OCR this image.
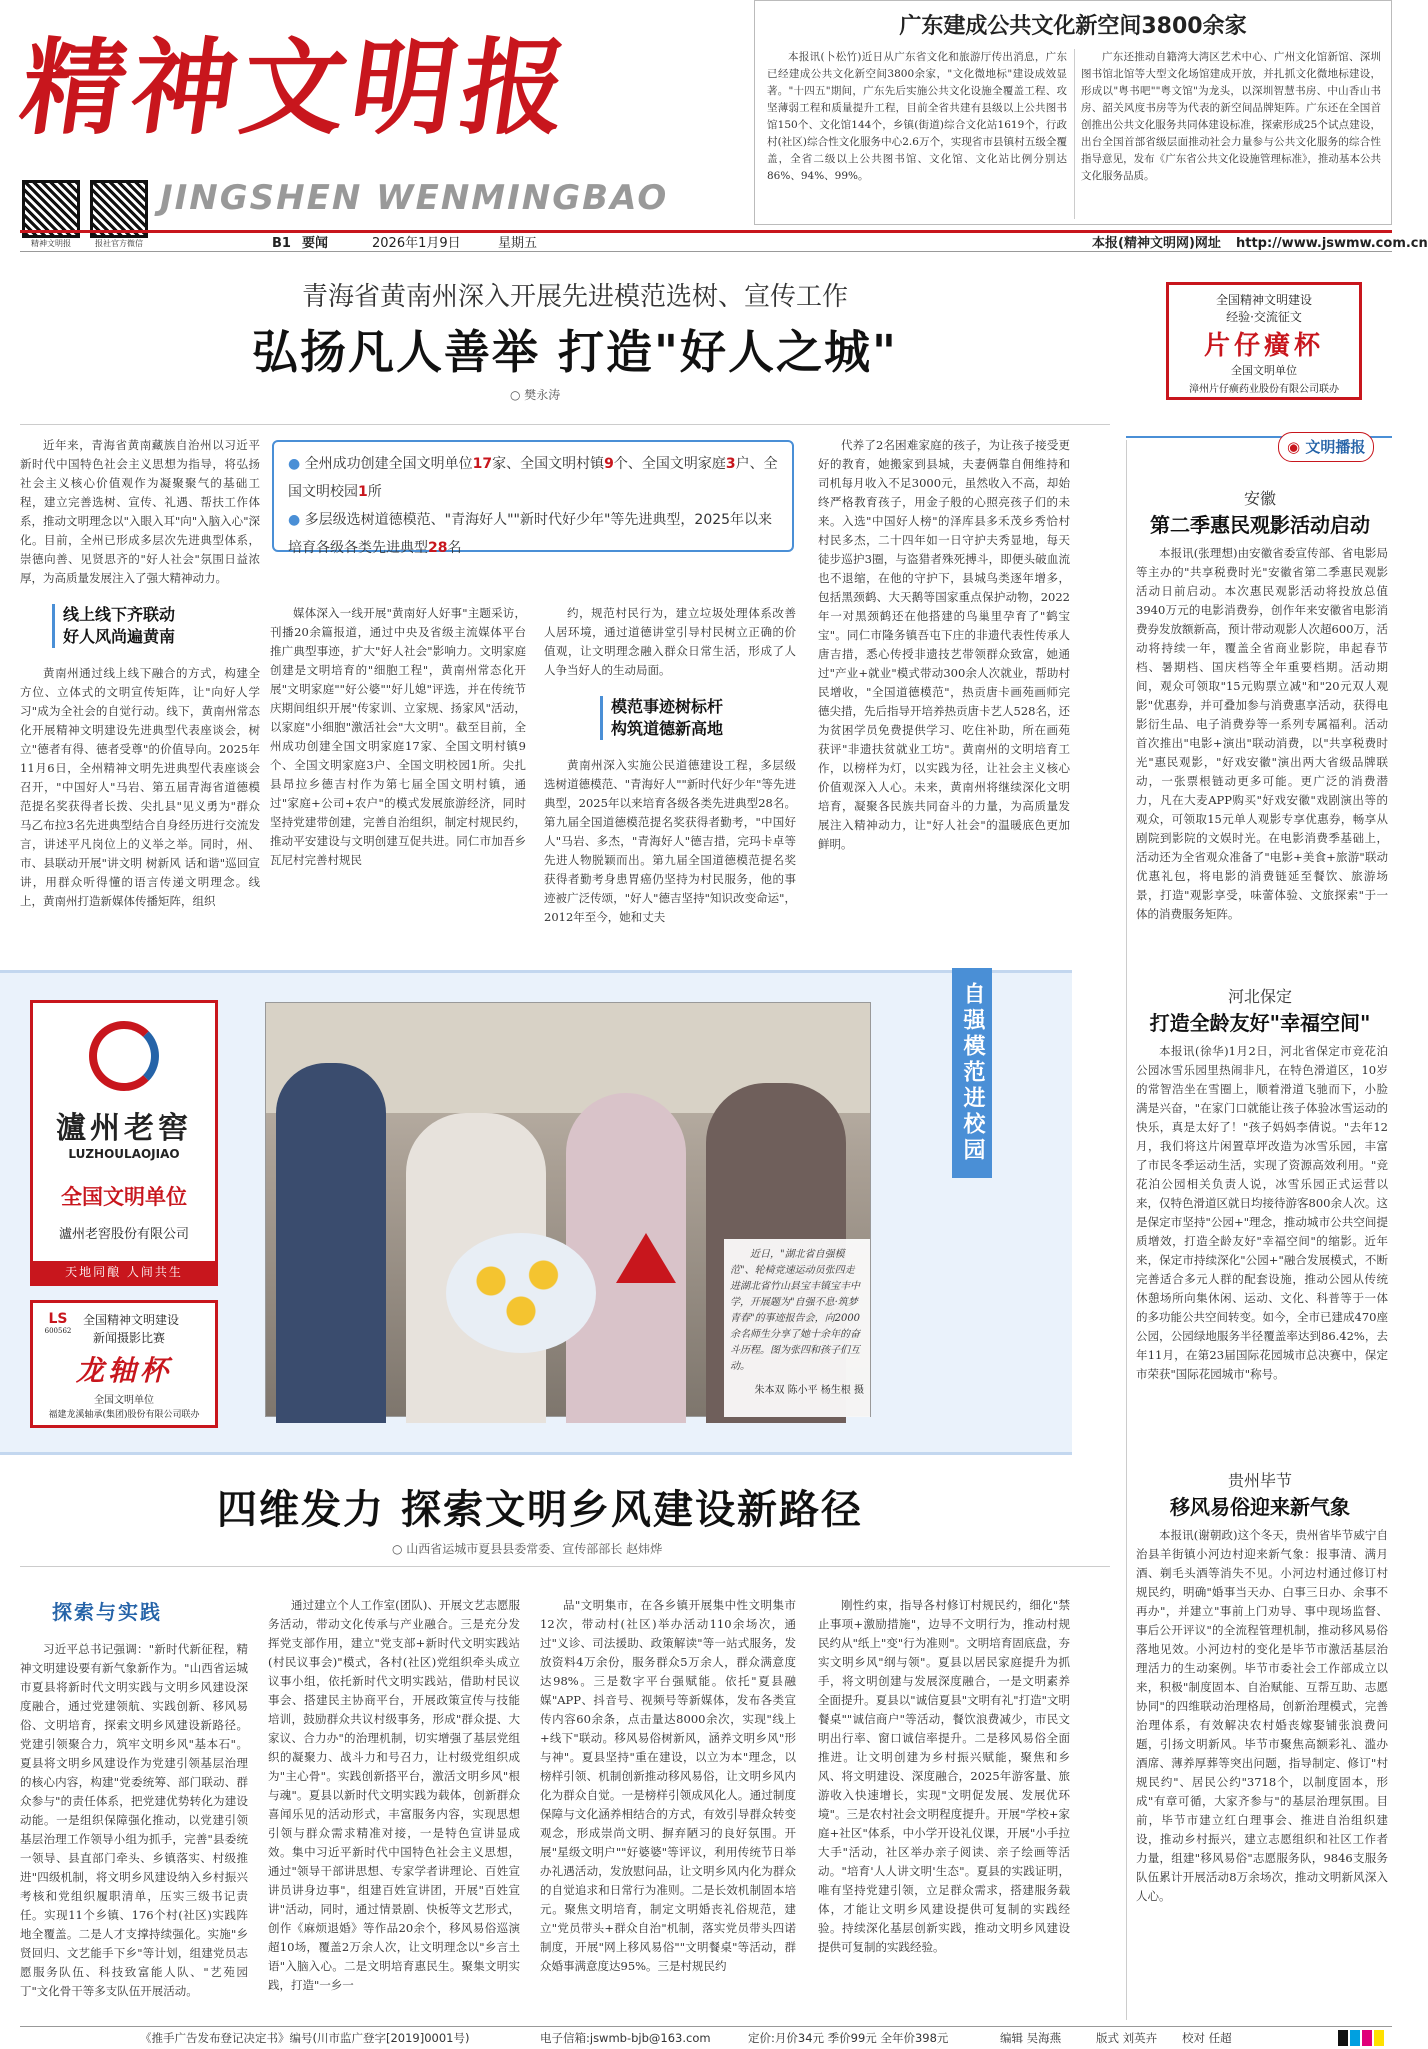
精神文明报
精神文明报	报社官方微信
JINGSHEN WENMINGBAO
广东建成公共文化新空间3800余家
本报讯(卜松竹)近日从广东省文化和旅游厅传出消息，广东已经建成公共文化新空间3800余家，"文化微地标"建设成效显著。"十四五"期间，广东先后实施公共文化设施全覆盖工程、攻坚薄弱工程和质量提升工程，目前全省共建有县级以上公共图书馆150个、文化馆144个，乡镇(街道)综合文化站1619个，行政村(社区)综合性文化服务中心2.6万个，实现省市县镇村五级全覆盖，全省二级以上公共图书馆、文化馆、文化站比例分别达86%、94%、99%。
广东还推动自籍湾大湾区艺术中心、广州文化馆新馆、深圳图书馆北馆等大型文化场馆建成开放，并扎抓文化微地标建设，形成以"粤书吧""粤文馆"为龙头，以深圳智慧书房、中山香山书房、韶关风度书房等为代表的新空间品牌矩阵。广东还在全国首创推出公共文化服务共同体建设标准，探索形成25个试点建设，出台全国首部省级层面推动社会力量参与公共文化服务的综合性指导意见，发布《广东省公共文化设施管理标准》，推动基本公共文化服务品质。
B1 要闻	2026年1月9日	星期五	本报(精神文明网)网址 http://www.jswmw.com.cn
青海省黄南州深入开展先进模范选树、宣传工作
弘扬凡人善举 打造"好人之城"
○ 樊永涛
近年来，青海省黄南藏族自治州以习近平新时代中国特色社会主义思想为指导，将弘扬社会主义核心价值观作为凝聚聚气的基础工程，建立完善选树、宣传、礼遇、帮扶工作体系，推动文明理念以"入眼入耳"向"入脑入心"深化。目前，全州已形成多层次先进典型体系，崇德向善、见贤思齐的"好人社会"氛围日益浓厚，为高质量发展注入了强大精神动力。
● 全州成功创建全国文明单位17家、全国文明村镇9个、全国文明家庭3户、全国文明校园1所
● 多层级选树道德模范、"青海好人""新时代好少年"等先进典型，2025年以来培育各级各类先进典型28名
代养了2名困难家庭的孩子，为让孩子接受更好的教育，她搬家到县城，夫妻俩靠自佣维持和司机每月收入不足3000元，虽然收入不高，却始终严格教育孩子，用金子般的心照亮孩子们的未来。入选"中国好人榜"的泽库县多禾茂乡秀恰村村民多杰，二十四年如一日守护夫秀显地，每天徒步巡护3圈，与盗猎者殊死搏斗，即便头破血流也不退缩，在他的守护下，县城鸟类逐年增多，包括黑颈鹤、大天鹅等国家重点保护动物，2022年一对黑颈鹤还在他搭建的鸟巢里孕育了"鹤宝宝"。同仁市隆务镇吾屯下庄的非遗代表性传承人唐吉措，悉心传授非遗技艺带领群众致富，她通过"产业+就业"模式带动300余人次就业，帮助村民增收，"全国道德模范"，热贡唐卡画苑画师完德尖措，先后指导开培养热贡唐卡艺人528名，还为贫困学员免费提供学习、吃住补助，所在画苑获评"非遗扶贫就业工坊"。黄南州的文明培育工作，以榜样为灯，以实践为径，让社会主义核心价值观深入人心。未来，黄南州将继续深化文明培育，凝聚各民族共同奋斗的力量，为高质量发展注入精神动力，让"好人社会"的温暖底色更加鲜明。
线上线下齐联动
好人风尚遍黄南
黄南州通过线上线下融合的方式，构建全方位、立体式的文明宣传矩阵，让"向好人学习"成为全社会的自觉行动。线下，黄南州常态化开展精神文明建设先进典型代表座谈会，树立"德者有得、德者受尊"的价值导向。2025年11月6日，全州精神文明先进典型代表座谈会召开，"中国好人"马岩、第五届青海省道德模范提名奖获得者长拨、尖扎县"见义勇为"群众马乙布拉3名先进典型结合自身经历进行交流发言，讲述平凡岗位上的义举之举。同时，州、市、县联动开展"讲文明 树新风 话和谐"巡回宣讲，用群众听得懂的语言传递文明理念。线上，黄南州打造新媒体传播矩阵，组织
媒体深入一线开展"黄南好人好事"主题采访，刊播20余篇报道，通过中央及省级主流媒体平台推广典型事迹，扩大"好人社会"影响力。文明家庭创建是文明培育的"细胞工程"，黄南州常态化开展"文明家庭""好公婆""好儿媳"评选，并在传统节庆期间组织开展"传家训、立家规、扬家风"活动，以家庭"小细胞"激活社会"大文明"。截至目前，全州成功创建全国文明家庭17家、全国文明村镇9个、全国文明家庭3户、全国文明校园1所。尖扎县昂拉乡德吉村作为第七届全国文明村镇，通过"家庭+公司+农户"的模式发展旅游经济，同时坚持党建带创建，完善自治组织，制定村规民约，推动平安建设与文明创建互促共进。同仁市加吾乡瓦尼村完善村规民
约，规范村民行为，建立垃圾处理体系改善人居环境，通过道德讲堂引导村民树立正确的价值观，让文明理念融入群众日常生活，形成了人人争当好人的生动局面。
模范事迹树标杆
构筑道德新高地
黄南州深入实施公民道德建设工程，多层级选树道德模范、"青海好人""新时代好少年"等先进典型，2025年以来培育各级各类先进典型28名。第九届全国道德模范提名奖获得者勤考，"中国好人"马岩、多杰，"青海好人"德吉措，完玛卡卓等先进人物脱颖而出。第九届全国道德模范提名奖获得者勤考身患胃癌仍坚持为村民服务，他的事迹被广泛传颂，"好人"德吉坚持"知识改变命运"，2012年至今，她和丈夫
瀘州老窖
LUZHOULAOJIAO
全国文明单位
瀘州老窖股份有限公司
天地同酿 人间共生
LS
600562
全国精神文明建设
新闻摄影比赛
龙轴杯
全国文明单位
福建龙溪轴承(集团)股份有限公司联办
近日，"湖北省自强模范"、轮椅竞速运动员张四走进湖北省竹山县宝丰镇宝丰中学，开展题为"自强不息·筑梦青春"的事迹报告会，向2000余名师生分享了她十余年的奋斗历程。图为张四和孩子们互动。
朱本双 陈小平 杨生根 摄
自强模范进校园
四维发力 探索文明乡风建设新路径
○ 山西省运城市夏县县委常委、宣传部部长 赵炜烨
探索与实践
习近平总书记强调："新时代新征程，精神文明建设要有新气象新作为。"山西省运城市夏县将新时代文明实践与文明乡风建设深度融合，通过党建领航、实践创新、移风易俗、文明培育，探索文明乡风建设新路径。党建引领聚合力，筑牢文明乡风"基本石"。夏县将文明乡风建设作为党建引领基层治理的核心内容，构建"党委统筹、部门联动、群众参与"的责任体系，把党建优势转化为建设动能。一是组织保障强化推动，以党建引领基层治理工作领导小组为抓手，完善"县委统一领导、县直部门牵头、乡镇落实、村级推进"四级机制，将文明乡风建设纳入乡村振兴考核和党组织履职清单，压实三级书记责任。实现11个乡镇、176个村(社区)实践阵地全覆盖。二是人才支撑持续强化。实施"乡贤回归、文艺能手下乡"等计划，组建党员志愿服务队伍、科技致富能人队、"艺苑园丁"文化骨干等多支队伍开展活动。
通过建立个人工作室(团队)、开展文艺志愿服务活动，带动文化传承与产业融合。三是充分发挥党支部作用，建立"党支部+新时代文明实践站(村民议事会)"模式，各村(社区)党组织牵头成立议事小组，依托新时代文明实践站，借助村民议事会、搭建民主协商平台，开展政策宣传与技能培训，鼓励群众共议村级事务，形成"群众提、大家议、合力办"的治理机制，切实增强了基层党组织的凝聚力、战斗力和号召力，让村级党组织成为"主心骨"。实践创新搭平台，激活文明乡风"根与魂"。夏县以新时代文明实践为载体，创新群众喜闻乐见的活动形式，丰富服务内容，实现思想引领与群众需求精准对接，一是特色宣讲显成效。集中习近平新时代中国特色社会主义思想，通过"领导干部讲思想、专家学者讲理论、百姓宣讲员讲身边事"，组建百姓宣讲团，开展"百姓宣讲"活动，同时，通过情景剧、快板等文艺形式，创作《麻烦退婚》等作品20余个，移风易俗巡演超10场，覆盖2万余人次，让文明理念以"乡言土语"入脑入心。二是文明培育惠民生。聚集文明实践，打造"一乡一
品"文明集市，在各乡镇开展集中性文明集市12次，带动村(社区)举办活动110余场次，通过"义诊、司法援助、政策解读"等一站式服务，发放资料4万余份，服务群众5万余人，群众满意度达98%。三是数字平台强赋能。依托"夏县融媒"APP、抖音号、视频号等新媒体，发布各类宣传内容60余条，点击量达8000余次，实现"线上+线下"联动。移风易俗树新风，涵养文明乡风"形与神"。夏县坚持"重在建设，以立为本"理念，以榜样引领、机制创新推动移风易俗，让文明乡风内化为群众自觉。一是榜样引领成风化人。通过制度保障与文化涵养相结合的方式，有效引导群众转变观念，形成崇尚文明、摒弃陋习的良好氛围。开展"星级文明户""好婆婆"等评议，利用传统节日举办礼遇活动，发放慰问品，让文明乡风内化为群众的自觉追求和日常行为准则。二是长效机制固本培元。聚焦文明培育，制定文明婚丧礼俗规范，建立"党员带头+群众自治"机制，落实党员带头四诺制度，开展"网上移风易俗""文明餐桌"等活动，群众婚事满意度达95%。三是村规民约
刚性约束，指导各村修订村规民约，细化"禁止事项+激励措施"，边导不文明行为，推动村规民约从"纸上"变"行为准则"。文明培育固底盘，夯实文明乡风"纲与领"。夏县以居民家庭提升为抓手，将文明创建与发展深度融合，一是文明素养全面提升。夏县以"诚信夏县"文明有礼"打造"文明餐桌""诚信商户"等活动，餐饮浪费减少，市民文明出行率、窗口诚信率提升。二是移风易俗全面推进。让文明创建为乡村振兴赋能，聚焦和乡风、将文明建设、深度融合，2025年游客量、旅游收入快速增长，实现"文明促发展、发展优环境"。三是农村社会文明程度提升。开展"学校+家庭+社区"体系，中小学开设礼仪课，开展"小手拉大手"活动，社区举办亲子阅读、亲子绘画等活动。"培育'人人讲文明'生态"。夏县的实践证明，唯有坚持党建引领，立足群众需求，搭建服务载体，才能让文明乡风建设提供可复制的实践经验。持续深化基层创新实践，推动文明乡风建设提供可复制的实践经验。
全国精神文明建设
经验·交流征文
片仔癀杯
全国文明单位
漳州片仔癀药业股份有限公司联办
◉ 文明播报
安徽
第二季惠民观影活动启动
本报讯(张理想)由安徽省委宣传部、省电影局等主办的"共享税费时光"安徽省第二季惠民观影活动日前启动。本次惠民观影活动将投放总值3940万元的电影消费券，创作年来安徽省电影消费券发放额新高，预计带动观影人次超600万，活动将持续一年，覆盖全省商业影院，串起春节档、暑期档、国庆档等全年重要档期。活动期间，观众可领取"15元购票立减"和"20元双人观影"优惠券，并可叠加参与消费惠享活动，获得电影衍生品、电子消费券等一系列专属福利。活动首次推出"电影+演出"联动消费，以"共享税费时光"惠民观影，"好戏安徽"演出两大省级品牌联动，一张票根链动更多可能。更广泛的消费潜力，凡在大麦APP购买"好戏安徽"戏剧演出等的观众，可领取15元单人观影专享优惠券，畅享从剧院到影院的文娱时光。在电影消费季基础上，活动还为全省观众准备了"电影+美食+旅游"联动优惠礼包，将电影的消费链延至餐饮、旅游场景，打造"观影享受，味蕾体验、文旅探索"于一体的消费服务矩阵。
河北保定
打造全龄友好"幸福空间"
本报讯(徐华)1月2日，河北省保定市竞花泊公园冰雪乐园里热闹非凡，在特色滑道区，10岁的常智浩坐在雪圈上，顺着滑道飞驰而下，小脸满是兴奋，"在家门口就能让孩子体验冰雪运动的快乐，真是太好了！"孩子妈妈李倩说。"去年12月，我们将这片闲置草坪改造为冰雪乐园，丰富了市民冬季运动生活，实现了资源高效利用。"竞花泊公园相关负责人说，冰雪乐园正式运营以来，仅特色滑道区就日均接待游客800余人次。这是保定市坚持"公园+"理念，推动城市公共空间提质增效，打造全龄友好"幸福空间"的缩影。近年来，保定市持续深化"公园+"融合发展模式，不断完善适合多元人群的配套设施，推动公园从传统休憩场所向集休闲、运动、文化、科普等于一体的多功能公共空间转变。如今，全市已建成470座公园，公园绿地服务半径覆盖率达到86.42%，去年11月，在第23届国际花园城市总决赛中，保定市荣获"国际花园城市"称号。
贵州毕节
移风易俗迎来新气象
本报讯(谢朝政)这个冬天，贵州省毕节威宁自治县羊街镇小河边村迎来新气象：报事清、满月酒、剃毛头酒等消失不见。小河边村通过修订村规民约，明确"婚事当天办、白事三日办、余事不再办"，并建立"事前上门劝导、事中现场监督、事后公开评议"的全流程管理机制，推动移风易俗落地见效。小河边村的变化是毕节市激活基层治理活力的生动案例。毕节市委社会工作部成立以来，积极"制度固本、自治赋能、互帮互助、志愿协同"的四维联动治理格局，创新治理模式，完善治理体系，有效解决农村婚丧嫁娶铺张浪费问题，引扬文明新风。毕节市聚焦高额彩礼、滥办酒席、薄养厚葬等突出问题，指导制定、修订"村规民约"、居民公约"3718个，以制度固本，形成"有章可循，大家齐参与"的基层治理氛围。目前，毕节市建立红白理事会、推进自治组织建设，推动乡村振兴，建立志愿组织和社区工作者力量，组建"移风易俗"志愿服务队，9846支服务队伍累计开展活动8万余场次，推动文明新风深入人心。
《推手广告发布登记决定书》编号(川市监广登字[2019]0001号)	电子信箱:jswmb-bjb@163.com	定价:月价34元 季价99元 全年价398元	编辑 吴海燕	版式 刘英卉 校对 任超
